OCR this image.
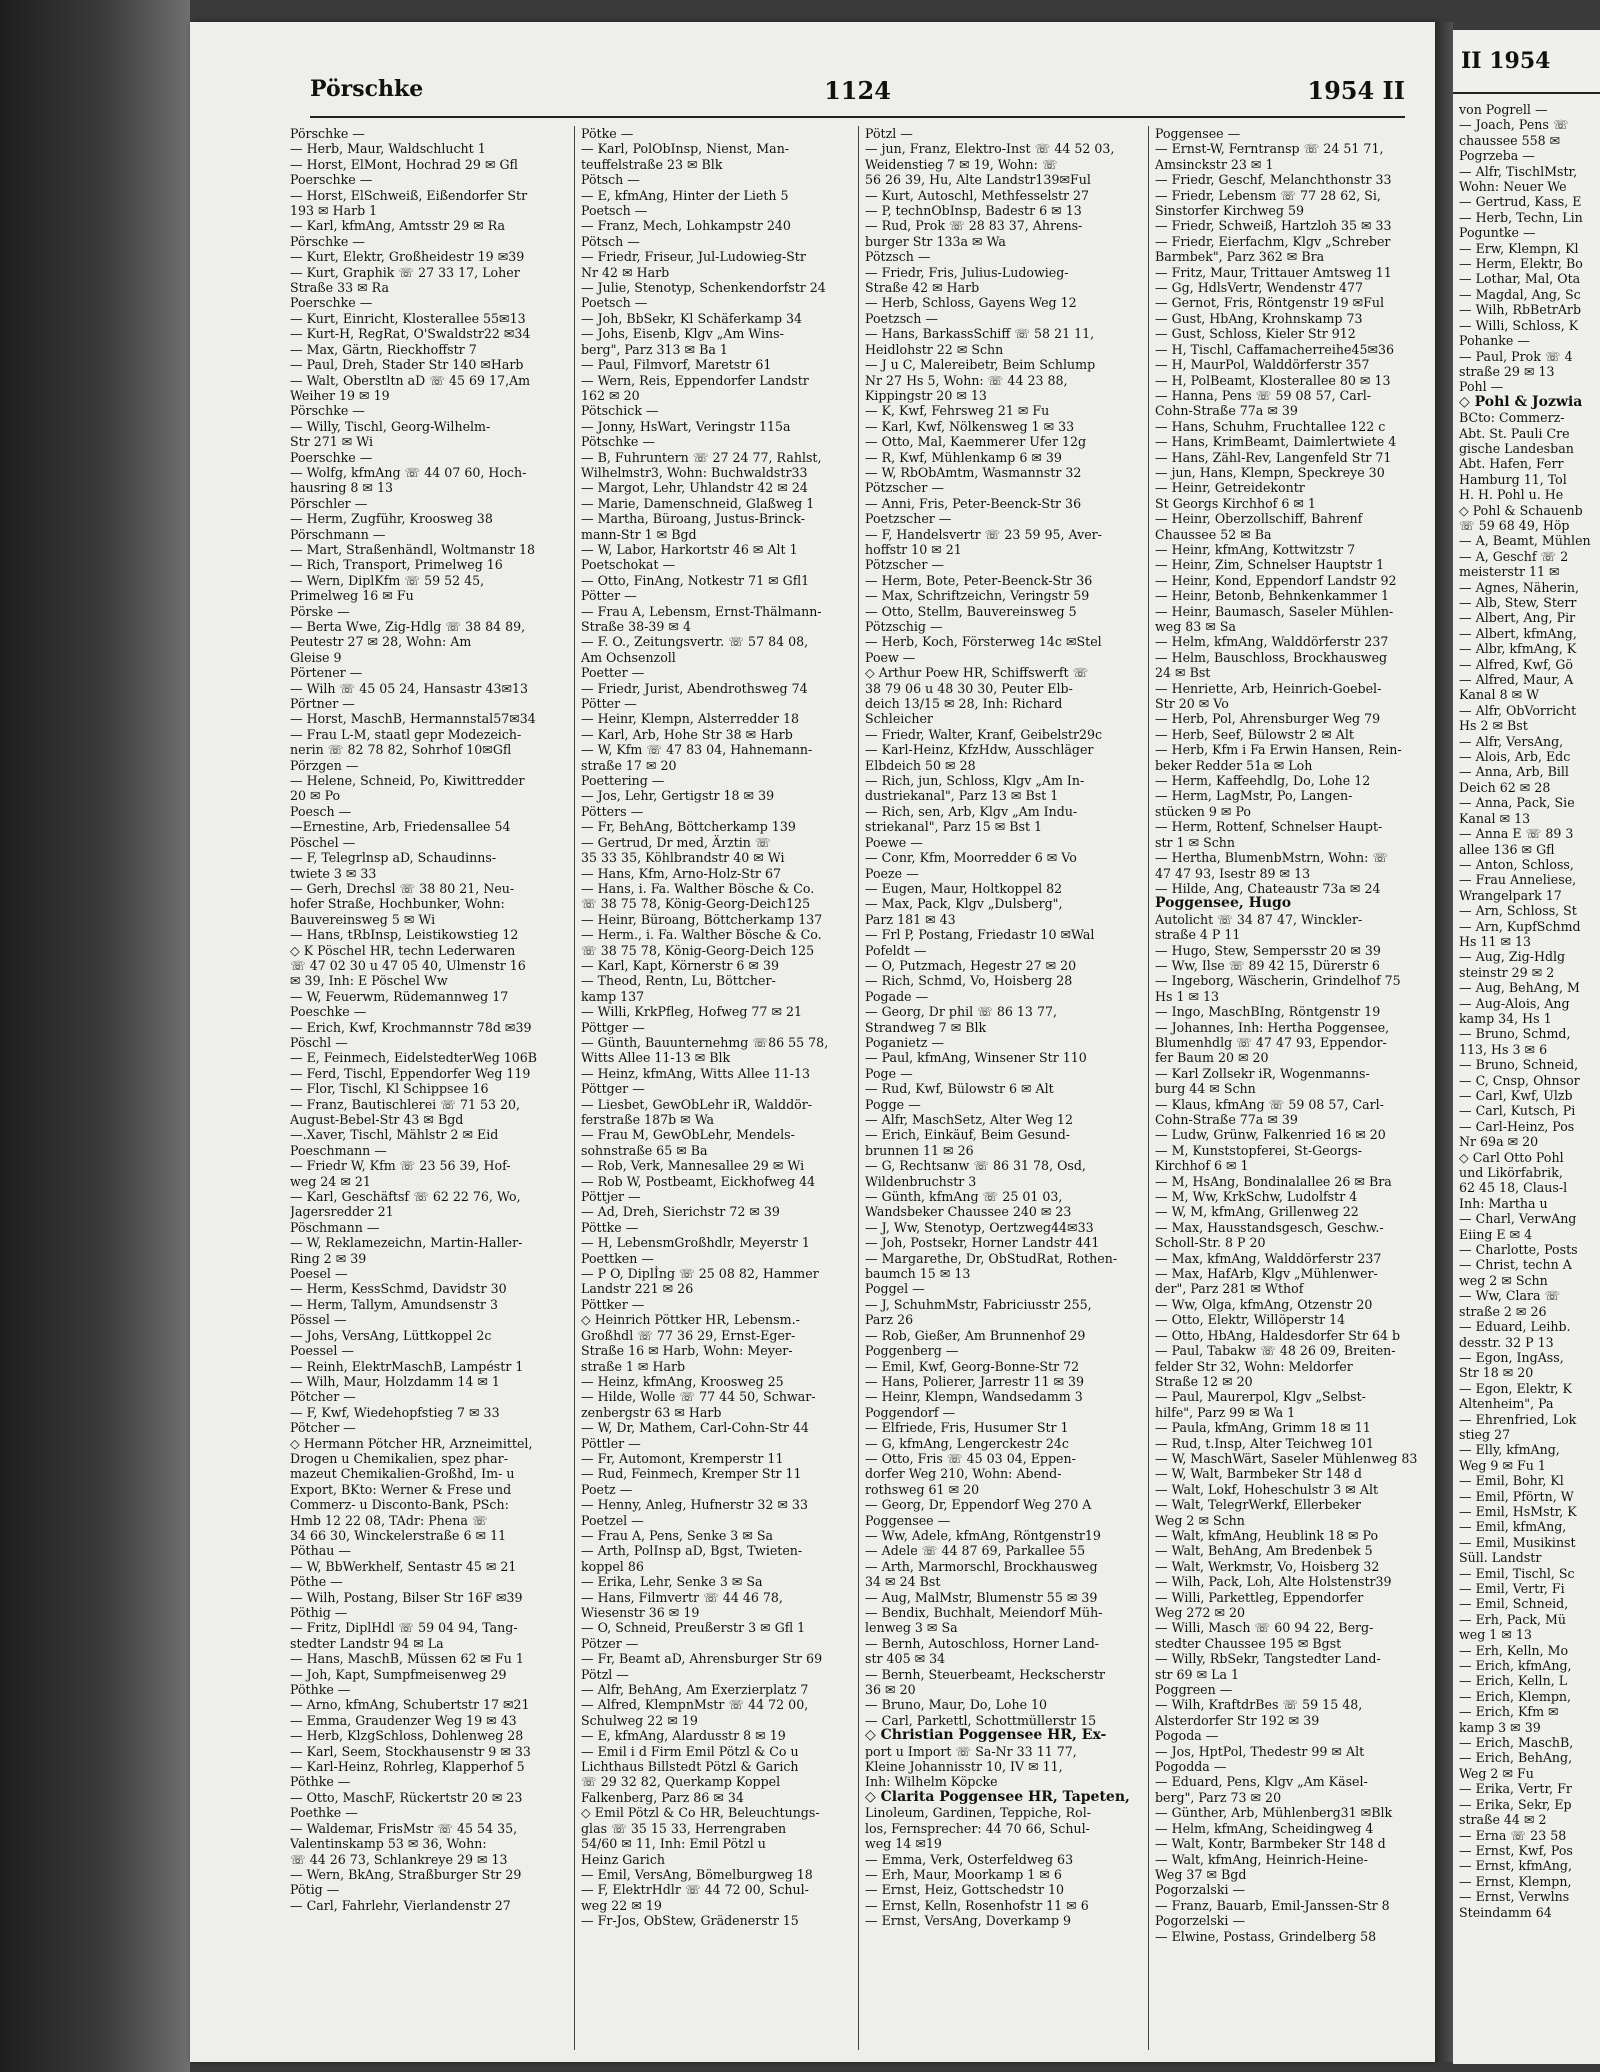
Pörschke	1124	1954 II
Pörschke —
— Herb, Maur, Waldschlucht 1
— Horst, ElMont, Hochrad 29 ✉ Gfl
Poerschke —
— Horst, ElSchweiß, Eißendorfer Str
193 ✉ Harb 1
— Karl, kfmAng, Amtsstr 29 ✉ Ra
Pörschke —
— Kurt, Elektr, Großheidestr 19 ✉39
— Kurt, Graphik ☏ 27 33 17, Loher
Straße 33 ✉ Ra
Poerschke —
— Kurt, Einricht, Klosterallee 55✉13
— Kurt-H, RegRat, O'Swaldstr22 ✉34
— Max, Gärtn, Rieckhoffstr 7
— Paul, Dreh, Stader Str 140 ✉Harb
— Walt, Oberstltn aD ☏ 45 69 17,Am
Weiher 19 ✉ 19
Pörschke —
— Willy, Tischl, Georg-Wilhelm-
Str 271 ✉ Wi
Poerschke —
— Wolfg, kfmAng ☏ 44 07 60, Hoch-
hausring 8 ✉ 13
Pörschler —
— Herm, Zugführ, Kroosweg 38
Pörschmann —
— Mart, Straßenhändl, Woltmanstr 18
— Rich, Transport, Primelweg 16
— Wern, DiplKfm ☏ 59 52 45,
Primelweg 16 ✉ Fu
Pörske —
— Berta Wwe, Zig-Hdlg ☏ 38 84 89,
Peutestr 27 ✉ 28, Wohn: Am
Gleise 9
Pörtener —
— Wilh ☏ 45 05 24, Hansastr 43✉13
Pörtner —
— Horst, MaschB, Hermannstal57✉34
— Frau L-M, staatl gepr Modezeich-
nerin ☏ 82 78 82, Sohrhof 10✉Gfl
Pörzgen —
— Helene, Schneid, Po, Kiwittredder
20 ✉ Po
Poesch —
—Ernestine, Arb, Friedensallee 54
Pöschel —
— F, Telegrlnsp aD, Schaudinns-
twiete 3 ✉ 33
— Gerh, Drechsl ☏ 38 80 21, Neu-
hofer Straße, Hochbunker, Wohn:
Bauvereinsweg 5 ✉ Wi
— Hans, tRbInsp, Leistikowstieg 12
◇ K Pöschel HR, techn Lederwaren
☏ 47 02 30 u 47 05 40, Ulmenstr 16
✉ 39, Inh: E Pöschel Ww
— W, Feuerwm, Rüdemannweg 17
Poeschke —
— Erich, Kwf, Krochmannstr 78d ✉39
Pöschl —
— E, Feinmech, EidelstedterWeg 106B
— Ferd, Tischl, Eppendorfer Weg 119
— Flor, Tischl, Kl Schippsee 16
— Franz, Bautischlerei ☏ 71 53 20,
August-Bebel-Str 43 ✉ Bgd
—.Xaver, Tischl, Mählstr 2 ✉ Eid
Poeschmann —
— Friedr W, Kfm ☏ 23 56 39, Hof-
weg 24 ✉ 21
— Karl, Geschäftsf ☏ 62 22 76, Wo,
Jagersredder 21
Pöschmann —
— W, Reklamezeichn, Martin-Haller-
Ring 2 ✉ 39
Poesel —
— Herm, KessSchmd, Davidstr 30
— Herm, Tallym, Amundsenstr 3
Pössel —
— Johs, VersAng, Lüttkoppel 2c
Poessel —
— Reinh, ElektrMaschB, Lampéstr 1
— Wilh, Maur, Holzdamm 14 ✉ 1
Pötcher —
— F, Kwf, Wiedehopfstieg 7 ✉ 33
Pötcher —
◇ Hermann Pötcher HR, Arzneimittel,
Drogen u Chemikalien, spez phar-
mazeut Chemikalien-Großhd, Im- u
Export, BKto: Werner & Frese und
Commerz- u Disconto-Bank, PSch:
Hmb 12 22 08, TAdr: Phena ☏
34 66 30, Winckelerstraße 6 ✉ 11
Pöthau —
— W, BbWerkhelf, Sentastr 45 ✉ 21
Pöthe —
— Wilh, Postang, Bilser Str 16F ✉39
Pöthig —
— Fritz, DiplHdl ☏ 59 04 94, Tang-
stedter Landstr 94 ✉ La
— Hans, MaschB, Müssen 62 ✉ Fu 1
— Joh, Kapt, Sumpfmeisenweg 29
Pöthke —
— Arno, kfmAng, Schubertstr 17 ✉21
— Emma, Graudenzer Weg 19 ✉ 43
— Herb, KlzgSchloss, Dohlenweg 28
— Karl, Seem, Stockhausenstr 9 ✉ 33
— Karl-Heinz, Rohrleg, Klapperhof 5
Pöthke —
— Otto, MaschF, Rückertstr 20 ✉ 23
Poethke —
— Waldemar, FrisMstr ☏ 45 54 35,
Valentinskamp 53 ✉ 36, Wohn:
☏ 44 26 73, Schlankreye 29 ✉ 13
— Wern, BkAng, Straßburger Str 29
Pötig —
— Carl, Fahrlehr, Vierlandenstr 27
Pötke —
— Karl, PolObInsp, Nienst, Man-
teuffelstraße 23 ✉ Blk
Pötsch —
— E, kfmAng, Hinter der Lieth 5
Poetsch —
— Franz, Mech, Lohkampstr 240
Pötsch —
— Friedr, Friseur, Jul-Ludowieg-Str
Nr 42 ✉ Harb
— Julie, Stenotyp, Schenkendorfstr 24
Poetsch —
— Joh, BbSekr, Kl Schäferkamp 34
— Johs, Eisenb, Klgv „Am Wins-
berg", Parz 313 ✉ Ba 1
— Paul, Filmvorf, Maretstr 61
— Wern, Reis, Eppendorfer Landstr
162 ✉ 20
Pötschick —
— Jonny, HsWart, Veringstr 115a
Pötschke —
— B, Fuhruntern ☏ 27 24 77, Rahlst,
Wilhelmstr3, Wohn: Buchwaldstr33
— Margot, Lehr, Uhlandstr 42 ✉ 24
— Marie, Damenschneid, Glaßweg 1
— Martha, Büroang, Justus-Brinck-
mann-Str 1 ✉ Bgd
— W, Labor, Harkortstr 46 ✉ Alt 1
Poetschokat —
— Otto, FinAng, Notkestr 71 ✉ Gfl1
Pötter —
— Frau A, Lebensm, Ernst-Thälmann-
Straße 38-39 ✉ 4
— F. O., Zeitungsvertr. ☏ 57 84 08,
Am Ochsenzoll
Poetter —
— Friedr, Jurist, Abendrothsweg 74
Pötter —
— Heinr, Klempn, Alsterredder 18
— Karl, Arb, Hohe Str 38 ✉ Harb
— W, Kfm ☏ 47 83 04, Hahnemann-
straße 17 ✉ 20
Poettering —
— Jos, Lehr, Gertigstr 18 ✉ 39
Pötters —
— Fr, BehAng, Böttcherkamp 139
— Gertrud, Dr med, Ärztin ☏
35 33 35, Köhlbrandstr 40 ✉ Wi
— Hans, Kfm, Arno-Holz-Str 67
— Hans, i. Fa. Walther Bösche & Co.
☏ 38 75 78, König-Georg-Deich125
— Heinr, Büroang, Böttcherkamp 137
— Herm., i. Fa. Walther Bösche & Co.
☏ 38 75 78, König-Georg-Deich 125
— Karl, Kapt, Körnerstr 6 ✉ 39
— Theod, Rentn, Lu, Böttcher-
kamp 137
— Willi, KrkPfleg, Hofweg 77 ✉ 21
Pöttger —
— Günth, Bauunternehmg ☏86 55 78,
Witts Allee 11-13 ✉ Blk
— Heinz, kfmAng, Witts Allee 11-13
Pöttger —
— Liesbet, GewObLehr iR, Walddör-
ferstraße 187b ✉ Wa
— Frau M, GewObLehr, Mendels-
sohnstraße 65 ✉ Ba
— Rob, Verk, Mannesallee 29 ✉ Wi
— Rob W, Postbeamt, Eickhofweg 44
Pöttjer —
— Ad, Dreh, Sierichstr 72 ✉ 39
Pöttke —
— H, LebensmGroßhdlr, Meyerstr 1
Poettken —
— P O, Diplİng ☏ 25 08 82, Hammer
Landstr 221 ✉ 26
Pöttker —
◇ Heinrich Pöttker HR, Lebensm.-
Großhdl ☏ 77 36 29, Ernst-Eger-
Straße 16 ✉ Harb, Wohn: Meyer-
straße 1 ✉ Harb
— Heinz, kfmAng, Kroosweg 25
— Hilde, Wolle ☏ 77 44 50, Schwar-
zenbergstr 63 ✉ Harb
— W, Dr, Mathem, Carl-Cohn-Str 44
Pöttler —
— Fr, Automont, Kremperstr 11
— Rud, Feinmech, Kremper Str 11
Poetz —
— Henny, Anleg, Hufnerstr 32 ✉ 33
Poetzel —
— Frau A, Pens, Senke 3 ✉ Sa
— Arth, PolInsp aD, Bgst, Twieten-
koppel 86
— Erika, Lehr, Senke 3 ✉ Sa
— Hans, Filmvertr ☏ 44 46 78,
Wiesenstr 36 ✉ 19
— O, Schneid, Preußerstr 3 ✉ Gfl 1
Pötzer —
— Fr, Beamt aD, Ahrensburger Str 69
Pötzl —
— Alfr, BehAng, Am Exerzierplatz 7
— Alfred, KlempnMstr ☏ 44 72 00,
Schulweg 22 ✉ 19
— E, kfmAng, Alardusstr 8 ✉ 19
— Emil i d Firm Emil Pötzl & Co u
Lichthaus Billstedt Pötzl & Garich
☏ 29 32 82, Querkamp Koppel
Falkenberg, Parz 86 ✉ 34
◇ Emil Pötzl & Co HR, Beleuchtungs-
glas ☏ 35 15 33, Herrengraben
54/60 ✉ 11, Inh: Emil Pötzl u
Heinz Garich
— Emil, VersAng, Bömelburgweg 18
— F, ElektrHdlr ☏ 44 72 00, Schul-
weg 22 ✉ 19
— Fr-Jos, ObStew, Grädenerstr 15
Pötzl —
— jun, Franz, Elektro-Inst ☏ 44 52 03,
Weidenstieg 7 ✉ 19, Wohn: ☏
56 26 39, Hu, Alte Landstr139✉Ful
— Kurt, Autoschl, Methfesselstr 27
— P, technObInsp, Badestr 6 ✉ 13
— Rud, Prok ☏ 28 83 37, Ahrens-
burger Str 133a ✉ Wa
Pötzsch —
— Friedr, Fris, Julius-Ludowieg-
Straße 42 ✉ Harb
— Herb, Schloss, Gayens Weg 12
Poetzsch —
— Hans, BarkassSchiff ☏ 58 21 11,
Heidlohstr 22 ✉ Schn
— J u C, Malereibetr, Beim Schlump
Nr 27 Hs 5, Wohn: ☏ 44 23 88,
Kippingstr 20 ✉ 13
— K, Kwf, Fehrsweg 21 ✉ Fu
— Karl, Kwf, Nölkensweg 1 ✉ 33
— Otto, Mal, Kaemmerer Ufer 12g
— R, Kwf, Mühlenkamp 6 ✉ 39
— W, RbObAmtm, Wasmannstr 32
Pötzscher —
— Anni, Fris, Peter-Beenck-Str 36
Poetzscher —
— F, Handelsvertr ☏ 23 59 95, Aver-
hoffstr 10 ✉ 21
Pötzscher —
— Herm, Bote, Peter-Beenck-Str 36
— Max, Schriftzeichn, Veringstr 59
— Otto, Stellm, Bauvereinsweg 5
Pötzschig —
— Herb, Koch, Försterweg 14c ✉Stel
Poew —
◇ Arthur Poew HR, Schiffswerft ☏
38 79 06 u 48 30 30, Peuter Elb-
deich 13/15 ✉ 28, Inh: Richard
Schleicher
— Friedr, Walter, Kranf, Geibelstr29c
— Karl-Heinz, KfzHdw, Ausschläger
Elbdeich 50 ✉ 28
— Rich, jun, Schloss, Klgv „Am In-
dustriekanal", Parz 13 ✉ Bst 1
— Rich, sen, Arb, Klgv „Am Indu-
striekanal", Parz 15 ✉ Bst 1
Poewe —
— Conr, Kfm, Moorredder 6 ✉ Vo
Poeze —
— Eugen, Maur, Holtkoppel 82
— Max, Pack, Klgv „Dulsberg",
Parz 181 ✉ 43
— Frl P, Postang, Friedastr 10 ✉Wal
Pofeldt —
— O, Putzmach, Hegestr 27 ✉ 20
— Rich, Schmd, Vo, Hoisberg 28
Pogade —
— Georg, Dr phil ☏ 86 13 77,
Strandweg 7 ✉ Blk
Poganietz —
— Paul, kfmAng, Winsener Str 110
Poge —
— Rud, Kwf, Bülowstr 6 ✉ Alt
Pogge —
— Alfr, MaschSetz, Alter Weg 12
— Erich, Einkäuf, Beim Gesund-
brunnen 11 ✉ 26
— G, Rechtsanw ☏ 86 31 78, Osd,
Wildenbruchstr 3
— Günth, kfmAng ☏ 25 01 03,
Wandsbeker Chaussee 240 ✉ 23
— J, Ww, Stenotyp, Oertzweg44✉33
— Joh, Postsekr, Horner Landstr 441
— Margarethe, Dr, ObStudRat, Rothen-
baumch 15 ✉ 13
Poggel —
— J, SchuhmMstr, Fabriciusstr 255,
Parz 26
— Rob, Gießer, Am Brunnenhof 29
Poggenberg —
— Emil, Kwf, Georg-Bonne-Str 72
— Hans, Polierer, Jarrestr 11 ✉ 39
— Heinr, Klempn, Wandsedamm 3
Poggendorf —
— Elfriede, Fris, Husumer Str 1
— G, kfmAng, Lengerckestr 24c
— Otto, Fris ☏ 45 03 04, Eppen-
dorfer Weg 210, Wohn: Abend-
rothsweg 61 ✉ 20
— Georg, Dr, Eppendorf Weg 270 A
Poggensee —
— Ww, Adele, kfmAng, Röntgenstr19
— Adele ☏ 44 87 69, Parkallee 55
— Arth, Marmorschl, Brockhausweg
34 ✉ 24 Bst
— Aug, MalMstr, Blumenstr 55 ✉ 39
— Bendix, Buchhalt, Meiendorf Müh-
lenweg 3 ✉ Sa
— Bernh, Autoschloss, Horner Land-
str 405 ✉ 34
— Bernh, Steuerbeamt, Heckscherstr
36 ✉ 20
— Bruno, Maur, Do, Lohe 10
— Carl, Parkettl, Schottmüllerstr 15
◇ Christian Poggensee HR, Ex-
port u Import ☏ Sa-Nr 33 11 77,
Kleine Johannisstr 10, IV ✉ 11,
Inh: Wilhelm Köpcke
◇ Clarita Poggensee HR, Tapeten,
Linoleum, Gardinen, Teppiche, Rol-
los, Fernsprecher: 44 70 66, Schul-
weg 14 ✉19
— Emma, Verk, Osterfeldweg 63
— Erh, Maur, Moorkamp 1 ✉ 6
— Ernst, Heiz, Gottschedstr 10
— Ernst, Kelln, Rosenhofstr 11 ✉ 6
— Ernst, VersAng, Doverkamp 9
Poggensee —
— Ernst-W, Ferntransp ☏ 24 51 71,
Amsinckstr 23 ✉ 1
— Friedr, Geschf, Melanchthonstr 33
— Friedr, Lebensm ☏ 77 28 62, Si,
Sinstorfer Kirchweg 59
— Friedr, Schweiß, Hartzloh 35 ✉ 33
— Friedr, Eierfachm, Klgv „Schreber
Barmbek", Parz 362 ✉ Bra
— Fritz, Maur, Trittauer Amtsweg 11
— Gg, HdlsVertr, Wendenstr 477
— Gernot, Fris, Röntgenstr 19 ✉Ful
— Gust, HbAng, Krohnskamp 73
— Gust, Schloss, Kieler Str 912
— H, Tischl, Caffamacherreihe45✉36
— H, MaurPol, Walddörferstr 357
— H, PolBeamt, Klosterallee 80 ✉ 13
— Hanna, Pens ☏ 59 08 57, Carl-
Cohn-Straße 77a ✉ 39
— Hans, Schuhm, Fruchtallee 122 c
— Hans, KrimBeamt, Daimlertwiete 4
— Hans, Zähl-Rev, Langenfeld Str 71
— jun, Hans, Klempn, Speckreye 30
— Heinr, Getreidekontr
St Georgs Kirchhof 6 ✉ 1
— Heinr, Oberzollschiff, Bahrenf
Chaussee 52 ✉ Ba
— Heinr, kfmAng, Kottwitzstr 7
— Heinr, Zim, Schnelser Hauptstr 1
— Heinr, Kond, Eppendorf Landstr 92
— Heinr, Betonb, Behnkenkammer 1
— Heinr, Baumasch, Saseler Mühlen-
weg 83 ✉ Sa
— Helm, kfmAng, Walddörferstr 237
— Helm, Bauschloss, Brockhausweg
24 ✉ Bst
— Henriette, Arb, Heinrich-Goebel-
Str 20 ✉ Vo
— Herb, Pol, Ahrensburger Weg 79
— Herb, Seef, Bülowstr 2 ✉ Alt
— Herb, Kfm i Fa Erwin Hansen, Rein-
beker Redder 51a ✉ Loh
— Herm, Kaffeehdlg, Do, Lohe 12
— Herm, LagMstr, Po, Langen-
stücken 9 ✉ Po
— Herm, Rottenf, Schnelser Haupt-
str 1 ✉ Schn
— Hertha, BlumenbMstrn, Wohn: ☏
47 47 93, Isestr 89 ✉ 13
— Hilde, Ang, Chateaustr 73a ✉ 24
Poggensee, Hugo
Autolicht ☏ 34 87 47, Winckler-
straße 4 P 11
— Hugo, Stew, Sempersstr 20 ✉ 39
— Ww, Ilse ☏ 89 42 15, Dürerstr 6
— Ingeborg, Wäscherin, Grindelhof 75
Hs 1 ✉ 13
— Ingo, MaschBIng, Röntgenstr 19
— Johannes, Inh: Hertha Poggensee,
Blumenhdlg ☏ 47 47 93, Eppendor-
fer Baum 20 ✉ 20
— Karl Zollsekr iR, Wogenmanns-
burg 44 ✉ Schn
— Klaus, kfmAng ☏ 59 08 57, Carl-
Cohn-Straße 77a ✉ 39
— Ludw, Grünw, Falkenried 16 ✉ 20
— M, Kunststopferei, St-Georgs-
Kirchhof 6 ✉ 1
— M, HsAng, Bondinalallee 26 ✉ Bra
— M, Ww, KrkSchw, Ludolfstr 4
— W, M, kfmAng, Grillenweg 22
— Max, Hausstandsgesch, Geschw.-
Scholl-Str. 8 P 20
— Max, kfmAng, Walddörferstr 237
— Max, HafArb, Klgv „Mühlenwer-
der", Parz 281 ✉ Wthof
— Ww, Olga, kfmAng, Otzenstr 20
— Otto, Elektr, Willöperstr 14
— Otto, HbAng, Haldesdorfer Str 64 b
— Paul, Tabakw ☏ 48 26 09, Breiten-
felder Str 32, Wohn: Meldorfer
Straße 12 ✉ 20
— Paul, Maurerpol, Klgv „Selbst-
hilfe", Parz 99 ✉ Wa 1
— Paula, kfmAng, Grimm 18 ✉ 11
— Rud, t.Insp, Alter Teichweg 101
— W, MaschWärt, Saseler Mühlenweg 83
— W, Walt, Barmbeker Str 148 d
— Walt, Lokf, Hoheschulstr 3 ✉ Alt
— Walt, TelegrWerkf, Ellerbeker
Weg 2 ✉ Schn
— Walt, kfmAng, Heublink 18 ✉ Po
— Walt, BehAng, Am Bredenbek 5
— Walt, Werkmstr, Vo, Hoisberg 32
— Wilh, Pack, Loh, Alte Holstenstr39
— Willi, Parkettleg, Eppendorfer
Weg 272 ✉ 20
— Willi, Masch ☏ 60 94 22, Berg-
stedter Chaussee 195 ✉ Bgst
— Willy, RbSekr, Tangstedter Land-
str 69 ✉ La 1
Poggreen —
— Wilh, KraftdrBes ☏ 59 15 48,
Alsterdorfer Str 192 ✉ 39
Pogoda —
— Jos, HptPol, Thedestr 99 ✉ Alt
Pogodda —
— Eduard, Pens, Klgv „Am Käsel-
berg", Parz 73 ✉ 20
— Günther, Arb, Mühlenberg31 ✉Blk
— Helm, kfmAng, Scheidingweg 4
— Walt, Kontr, Barmbeker Str 148 d
— Walt, kfmAng, Heinrich-Heine-
Weg 37 ✉ Bgd
Pogorzalski —
— Franz, Bauarb, Emil-Janssen-Str 8
Pogorzelski —
— Elwine, Postass, Grindelberg 58
II 1954
von Pogrell —
— Joach, Pens ☏
chaussee 558 ✉
Pogrzeba —
— Alfr, TischlMstr,
Wohn: Neuer We
— Gertrud, Kass, E
— Herb, Techn, Lin
Poguntke —
— Erw, Klempn, Kl
— Herm, Elektr, Bo
— Lothar, Mal, Ota
— Magdal, Ang, Sc
— Wilh, RbBetrArb
— Willi, Schloss, K
Pohanke —
— Paul, Prok ☏ 4
straße 29 ✉ 13
Pohl —
◇ Pohl & Jozwia
BCto: Commerz-
Abt. St. Pauli Cre
gische Landesban
Abt. Hafen, Ferr
Hamburg 11, Tol
H. H. Pohl u. He
◇ Pohl & Schauenb
☏ 59 68 49, Höp
— A, Beamt, Mühlen
— A, Geschf ☏ 2
meisterstr 11 ✉
— Agnes, Näherin,
— Alb, Stew, Sterr
— Albert, Ang, Pir
— Albert, kfmAng,
— Albr, kfmAng, K
— Alfred, Kwf, Gö
— Alfred, Maur, A
Kanal 8 ✉ W
— Alfr, ObVorricht
Hs 2 ✉ Bst
— Alfr, VersAng,
— Alois, Arb, Edc
— Anna, Arb, Bill
Deich 62 ✉ 28
— Anna, Pack, Sie
Kanal ✉ 13
— Anna E ☏ 89 3
allee 136 ✉ Gfl
— Anton, Schloss,
— Frau Anneliese,
Wrangelpark 17
— Arn, Schloss, St
— Arn, KupfSchmd
Hs 11 ✉ 13
— Aug, Zig-Hdlg
steinstr 29 ✉ 2
— Aug, BehAng, M
— Aug-Alois, Ang
kamp 34, Hs 1
— Bruno, Schmd,
113, Hs 3 ✉ 6
— Bruno, Schneid,
— C, Cnsp, Ohnsor
— Carl, Kwf, Ulzb
— Carl, Kutsch, Pi
— Carl-Heinz, Pos
Nr 69a ✉ 20
◇ Carl Otto Pohl
und Likörfabrik,
62 45 18, Claus-l
Inh: Martha u
— Charl, VerwAng
Eiing E ✉ 4
— Charlotte, Posts
— Christ, techn A
weg 2 ✉ Schn
— Ww, Clara ☏
straße 2 ✉ 26
— Eduard, Leihb.
desstr. 32 P 13
— Egon, IngAss,
Str 18 ✉ 20
— Egon, Elektr, K
Altenheim", Pa
— Ehrenfried, Lok
stieg 27
— Elly, kfmAng,
Weg 9 ✉ Fu 1
— Emil, Bohr, Kl
— Emil, Pförtn, W
— Emil, HsMstr, K
— Emil, kfmAng,
— Emil, Musikinst
Süll. Landstr
— Emil, Tischl, Sc
— Emil, Vertr, Fi
— Emil, Schneid,
— Erh, Pack, Mü
weg 1 ✉ 13
— Erh, Kelln, Mo
— Erich, kfmAng,
— Erich, Kelln, L
— Erich, Klempn,
— Erich, Kfm ✉
kamp 3 ✉ 39
— Erich, MaschB,
— Erich, BehAng,
Weg 2 ✉ Fu
— Erika, Vertr, Fr
— Erika, Sekr, Ep
straße 44 ✉ 2
— Erna ☏ 23 58
— Ernst, Kwf, Pos
— Ernst, kfmAng,
— Ernst, Klempn,
— Ernst, Verwlns
Steindamm 64
